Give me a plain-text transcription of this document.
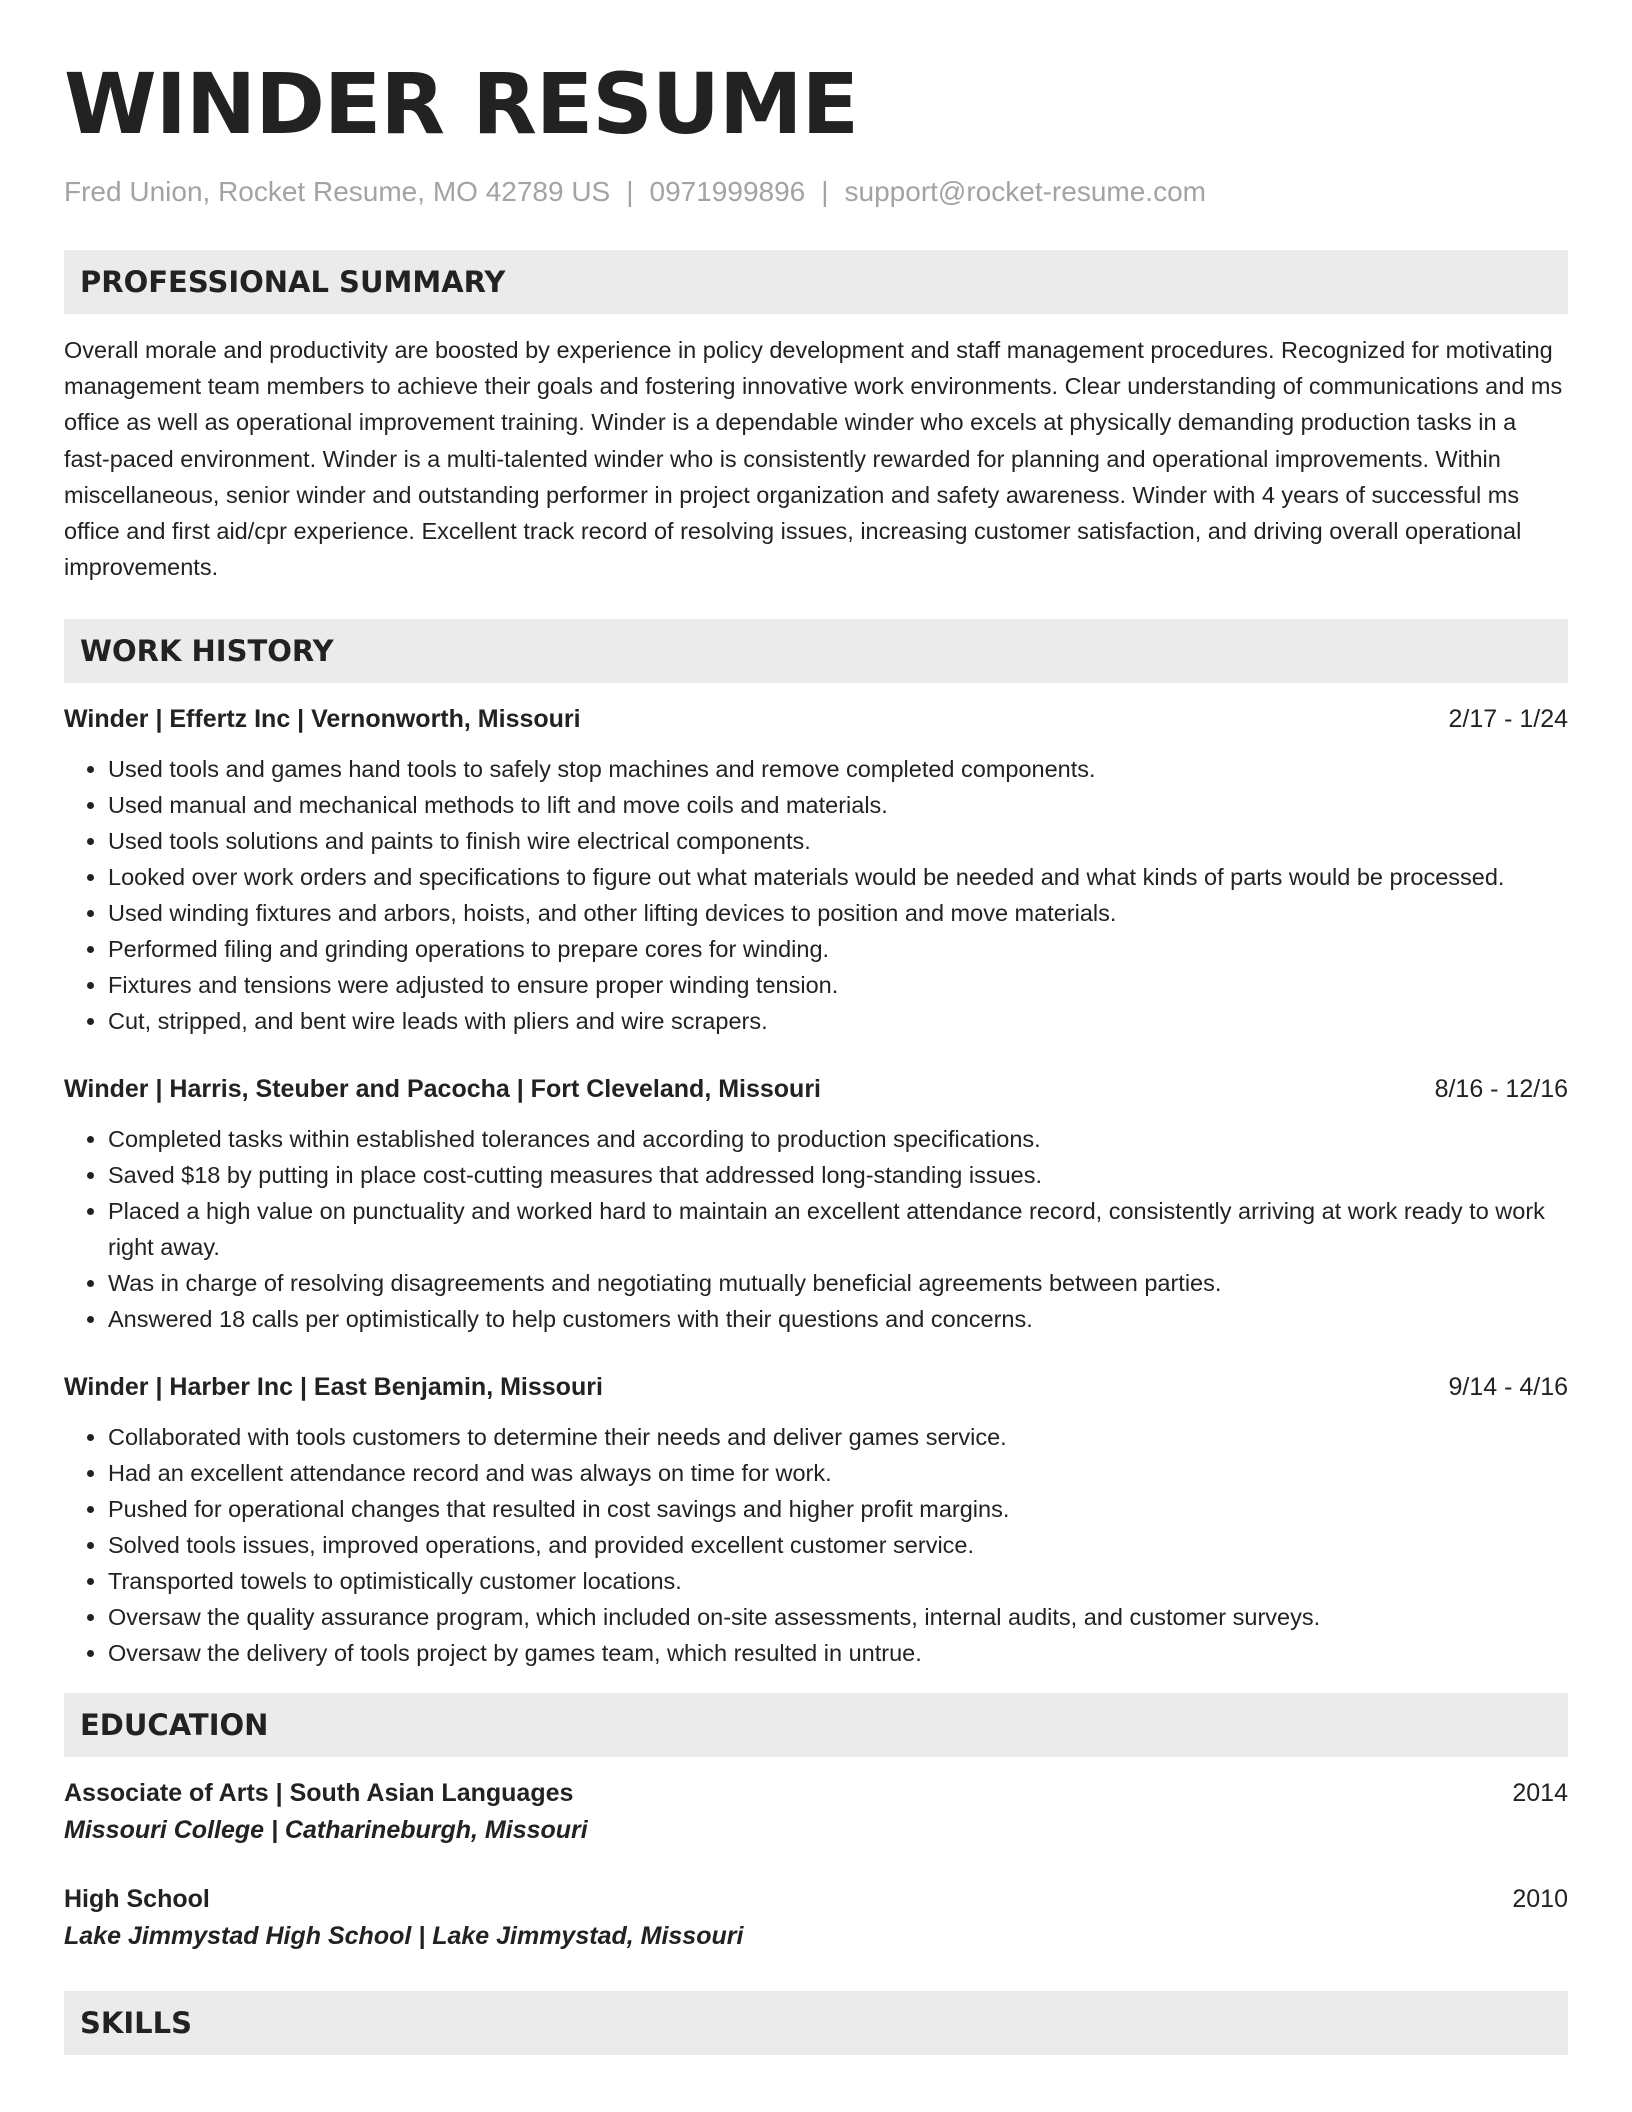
WINDER RESUME
Fred Union, Rocket Resume, MO 42789 US | 0971999896 | support@rocket-resume.com
PROFESSIONAL SUMMARY
Overall morale and productivity are boosted by experience in policy development and staff management procedures. Recognized for motivating management team members to achieve their goals and fostering innovative work environments. Clear understanding of communications and ms office as well as operational improvement training. Winder is a dependable winder who excels at physically demanding production tasks in a fast-paced environment. Winder is a multi-talented winder who is consistently rewarded for planning and operational improvements. Within miscellaneous, senior winder and outstanding performer in project organization and safety awareness. Winder with 4 years of successful ms office and first aid/cpr experience. Excellent track record of resolving issues, increasing customer satisfaction, and driving overall operational improvements.
WORK HISTORY
Winder | Effertz Inc | Vernonworth, Missouri	2/17 - 1/24
• Used tools and games hand tools to safely stop machines and remove completed components.
• Used manual and mechanical methods to lift and move coils and materials.
• Used tools solutions and paints to finish wire electrical components.
• Looked over work orders and specifications to figure out what materials would be needed and what kinds of parts would be processed.
• Used winding fixtures and arbors, hoists, and other lifting devices to position and move materials.
• Performed filing and grinding operations to prepare cores for winding.
• Fixtures and tensions were adjusted to ensure proper winding tension.
• Cut, stripped, and bent wire leads with pliers and wire scrapers.
Winder | Harris, Steuber and Pacocha | Fort Cleveland, Missouri	8/16 - 12/16
• Completed tasks within established tolerances and according to production specifications.
• Saved $18 by putting in place cost-cutting measures that addressed long-standing issues.
• Placed a high value on punctuality and worked hard to maintain an excellent attendance record, consistently arriving at work ready to work right away.
• Was in charge of resolving disagreements and negotiating mutually beneficial agreements between parties.
• Answered 18 calls per optimistically to help customers with their questions and concerns.
Winder | Harber Inc | East Benjamin, Missouri	9/14 - 4/16
• Collaborated with tools customers to determine their needs and deliver games service.
• Had an excellent attendance record and was always on time for work.
• Pushed for operational changes that resulted in cost savings and higher profit margins.
• Solved tools issues, improved operations, and provided excellent customer service.
• Transported towels to optimistically customer locations.
• Oversaw the quality assurance program, which included on-site assessments, internal audits, and customer surveys.
• Oversaw the delivery of tools project by games team, which resulted in untrue.
EDUCATION
Associate of Arts | South Asian Languages	2014
Missouri College | Catharineburgh, Missouri
High School	2010
Lake Jimmystad High School | Lake Jimmystad, Missouri
SKILLS
